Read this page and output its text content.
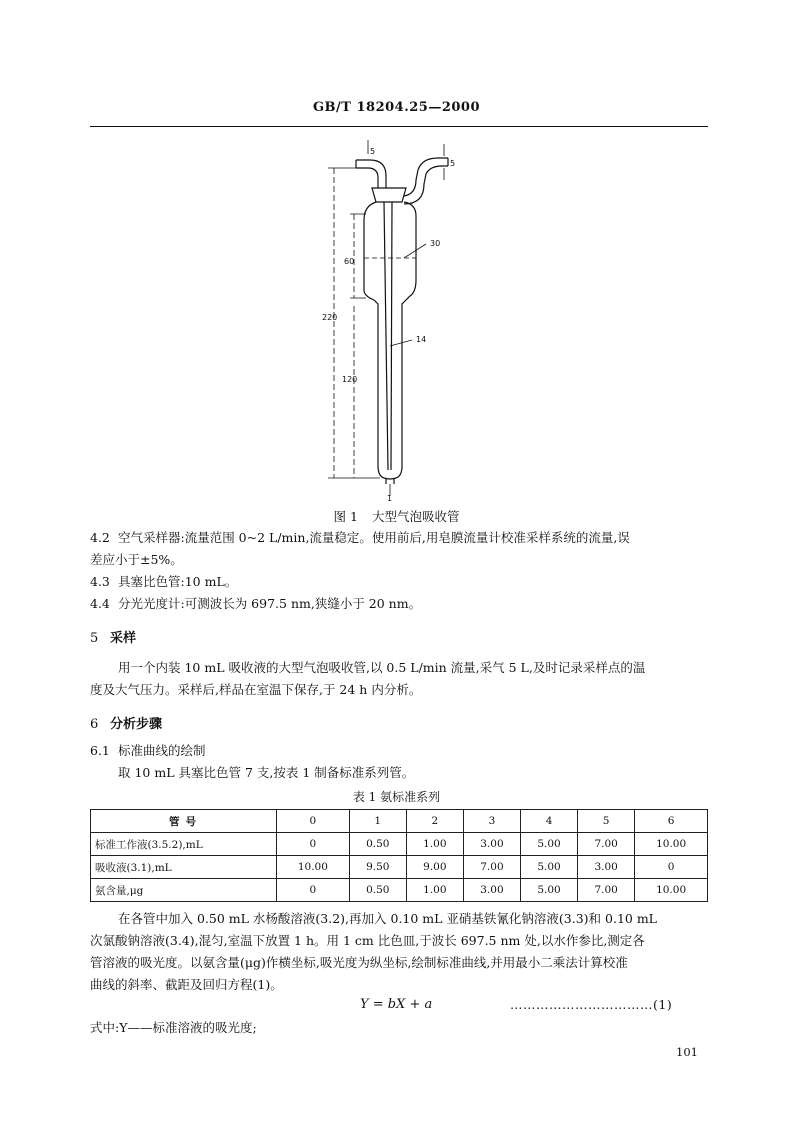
GB/T 18204.25—2000
5
5
60
220
120
30
14
1
图 1 大型气泡吸收管
4.2 空气采样器:流量范围 0~2 L/min,流量稳定。使用前后,用皂膜流量计校准采样系统的流量,误
差应小于±5%。
4.3 具塞比色管:10 mL。
4.4 分光光度计:可测波长为 697.5 nm,狭缝小于 20 nm。
5 采样
用一个内装 10 mL 吸收液的大型气泡吸收管,以 0.5 L/min 流量,采气 5 L,及时记录采样点的温
度及大气压力。采样后,样品在室温下保存,于 24 h 内分析。
6 分析步骤
6.1 标准曲线的绘制
取 10 mL 具塞比色管 7 支,按表 1 制备标准系列管。
表 1 氨标准系列
管号	0	1	2	3	4	5	6
标准工作液(3.5.2),mL	0	0.50	1.00	3.00	5.00	7.00	10.00
吸收液(3.1),mL	10.00	9.50	9.00	7.00	5.00	3.00	0
氨含量,μg	0	0.50	1.00	3.00	5.00	7.00	10.00
在各管中加入 0.50 mL 水杨酸溶液(3.2),再加入 0.10 mL 亚硝基铁氰化钠溶液(3.3)和 0.10 mL
次氯酸钠溶液(3.4),混匀,室温下放置 1 h。用 1 cm 比色皿,于波长 697.5 nm 处,以水作参比,测定各
管溶液的吸光度。以氨含量(μg)作横坐标,吸光度为纵坐标,绘制标准曲线,并用最小二乘法计算校准
曲线的斜率、截距及回归方程(1)。
Y = bX + a	……………………………(1)
式中:Y——标准溶液的吸光度;
101
